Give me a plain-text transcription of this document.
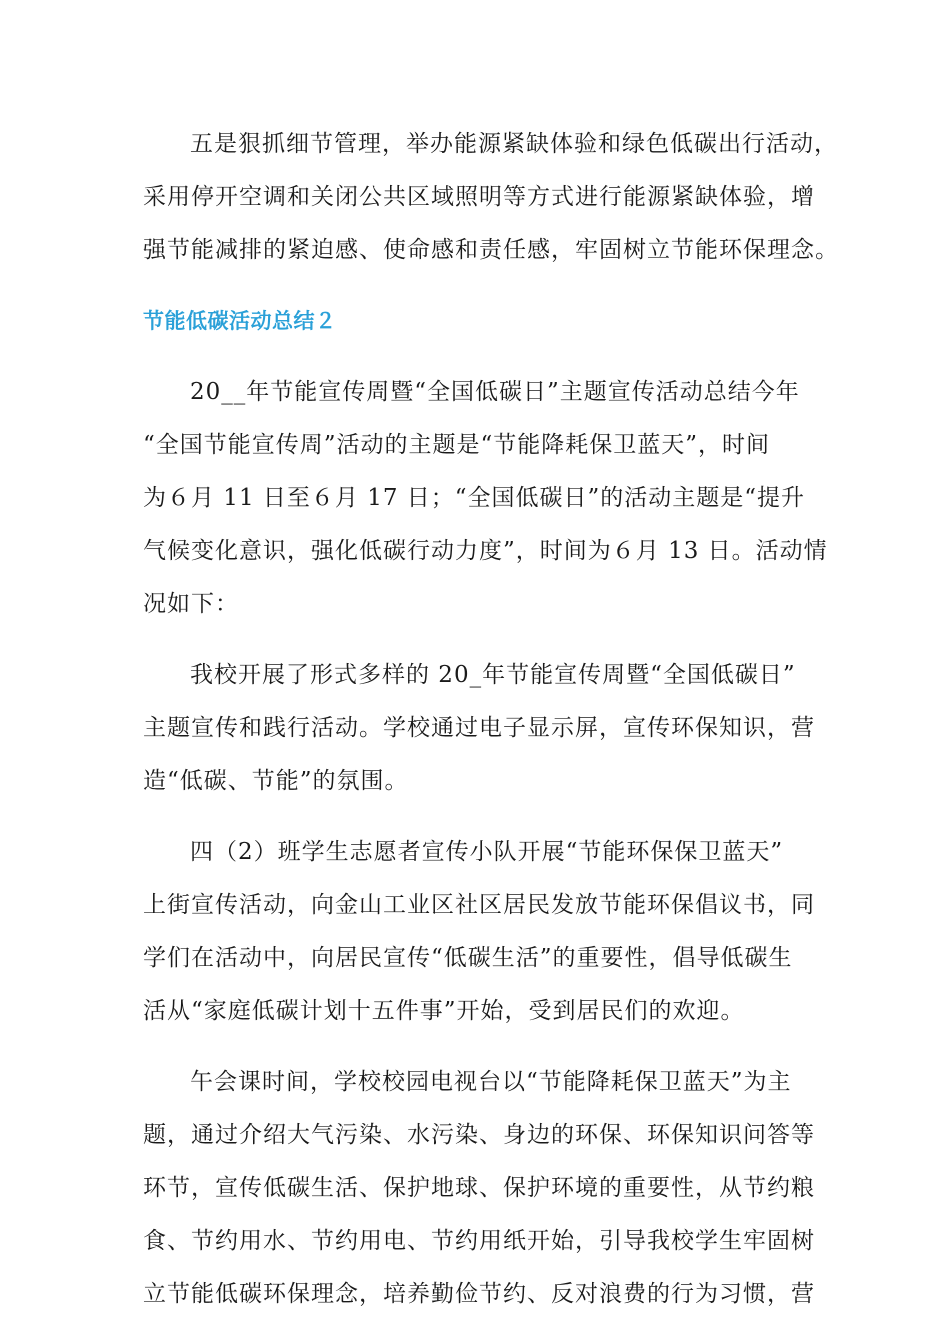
五是狠抓细节管理，举办能源紧缺体验和绿色低碳出行活动，
采用停开空调和关闭公共区域照明等方式进行能源紧缺体验，增
强节能减排的紧迫感、使命感和责任感，牢固树立节能环保理念。

节能低碳活动总结２

20__年节能宣传周暨“全国低碳日”主题宣传活动总结今年
“全国节能宣传周”活动的主题是“节能降耗保卫蓝天”，时间
为６月 11 日至６月 17 日；“全国低碳日”的活动主题是“提升
气候变化意识，强化低碳行动力度”，时间为６月 13 日。活动情
况如下：

我校开展了形式多样的 20_年节能宣传周暨“全国低碳日”
主题宣传和践行活动。学校通过电子显示屏，宣传环保知识，营
造“低碳、节能”的氛围。

四（2）班学生志愿者宣传小队开展“节能环保保卫蓝天”
上街宣传活动，向金山工业区社区居民发放节能环保倡议书，同
学们在活动中，向居民宣传“低碳生活”的重要性，倡导低碳生
活从“家庭低碳计划十五件事”开始，受到居民们的欢迎。

午会课时间，学校校园电视台以“节能降耗保卫蓝天”为主
题，通过介绍大气污染、水污染、身边的环保、环保知识问答等
环节，宣传低碳生活、保护地球、保护环境的重要性，从节约粮
食、节约用水、节约用电、节约用纸开始，引导我校学生牢固树
立节能低碳环保理念，培养勤俭节约、反对浪费的行为习惯，营
